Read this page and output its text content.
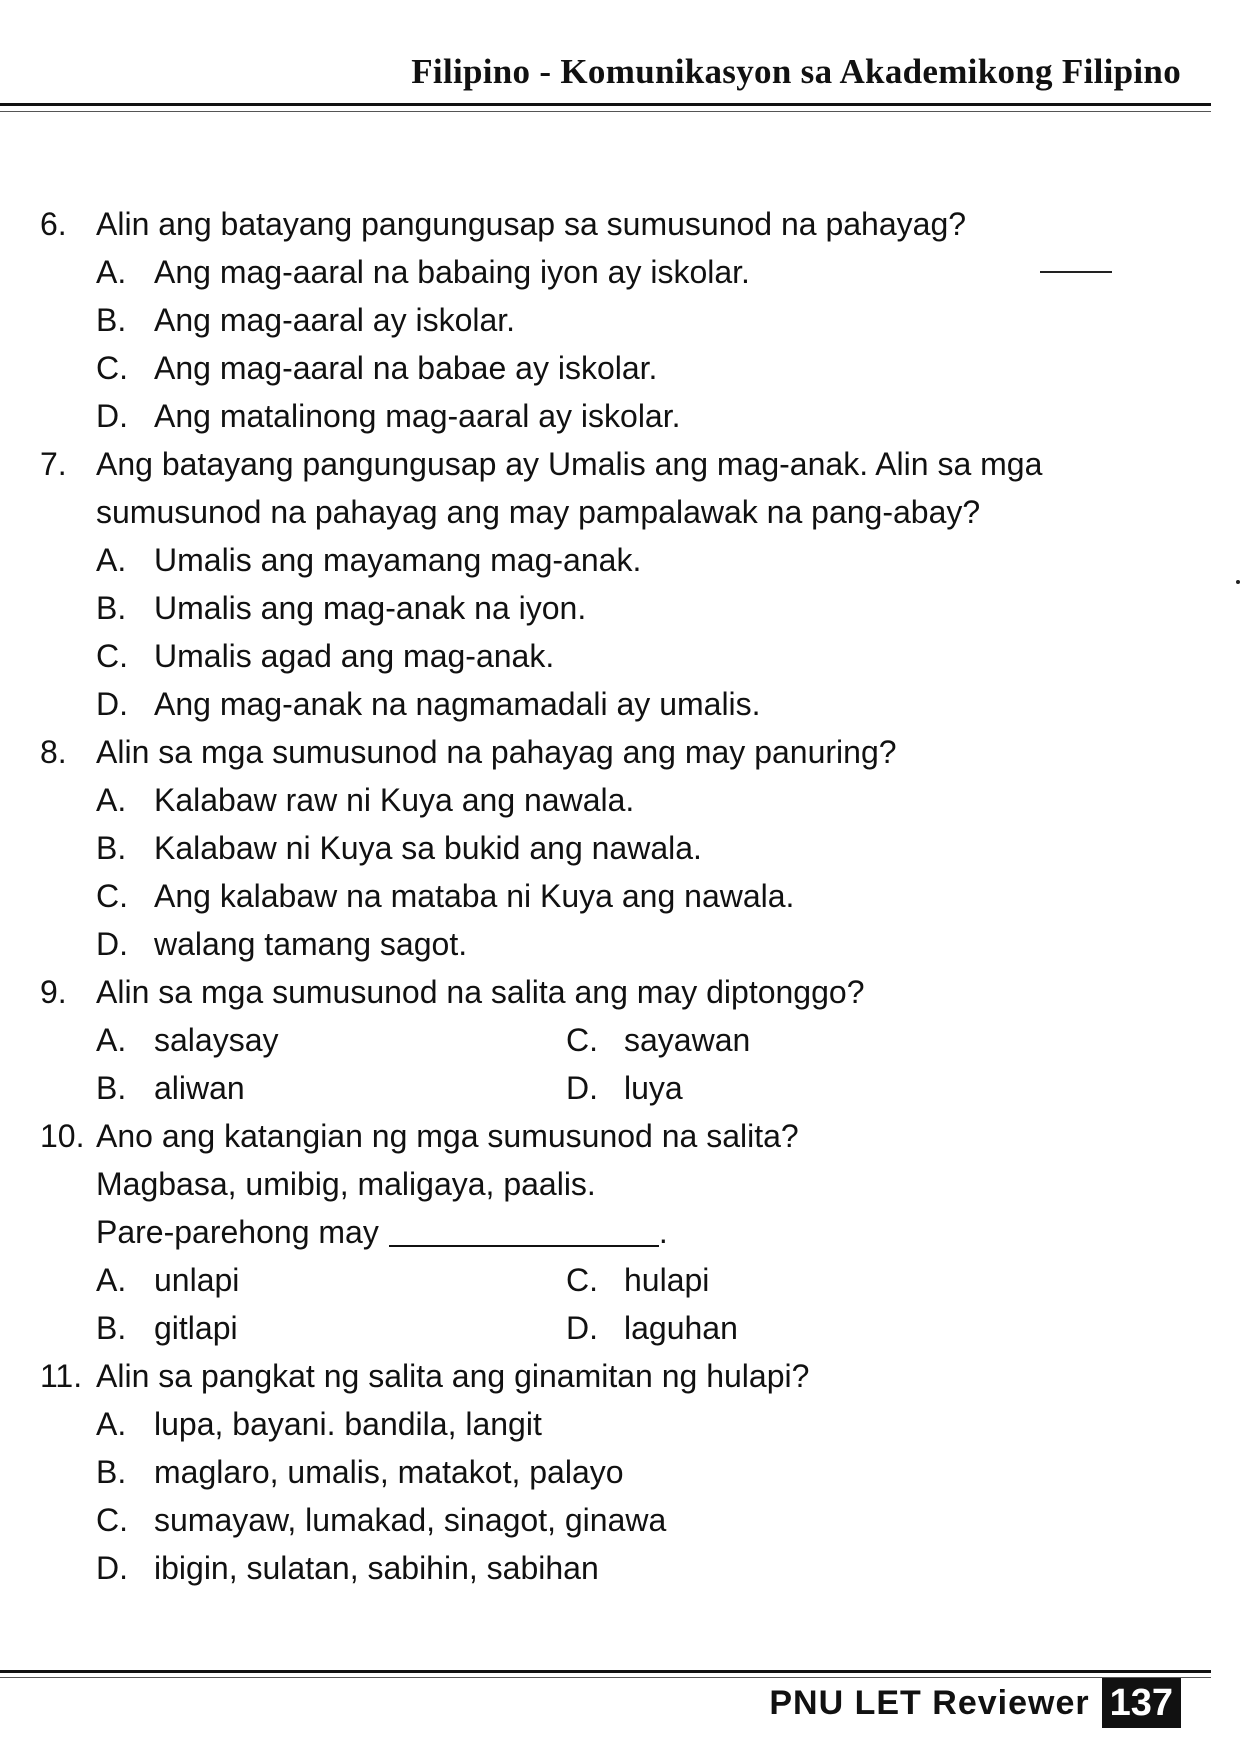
Filipino - Komunikasyon sa Akademikong Filipino
6. Alin ang batayang pangungusap sa sumusunod na pahayag?
A. Ang mag-aaral na babaing iyon ay iskolar.
B. Ang mag-aaral ay iskolar.
C. Ang mag-aaral na babae ay iskolar.
D. Ang matalinong mag-aaral ay iskolar.
7. Ang batayang pangungusap ay Umalis ang mag-anak. Alin sa mga sumusunod na pahayag ang may pampalawak na pang-abay?
A. Umalis ang mayamang mag-anak.
B. Umalis ang mag-anak na iyon.
C. Umalis agad ang mag-anak.
D. Ang mag-anak na nagmamadali ay umalis.
8. Alin sa mga sumusunod na pahayag ang may panuring?
A. Kalabaw raw ni Kuya ang nawala.
B. Kalabaw ni Kuya sa bukid ang nawala.
C. Ang kalabaw na mataba ni Kuya ang nawala.
D. walang tamang sagot.
9. Alin sa mga sumusunod na salita ang may diptonggo?
A. salaysay	C. sayawan
B. aliwan	D. luya
10. Ano ang katangian ng mga sumusunod na salita?
Magbasa, umibig, maligaya, paalis.
Pare-parehong may	.
A. unlapi	C. hulapi
B. gitlapi	D. laguhan
11. Alin sa pangkat ng salita ang ginamitan ng hulapi?
A. lupa, bayani. bandila, langit
B. maglaro, umalis, matakot, palayo
C. sumayaw, lumakad, sinagot, ginawa
D. ibigin, sulatan, sabihin, sabihan
PNU LET Reviewer 137
